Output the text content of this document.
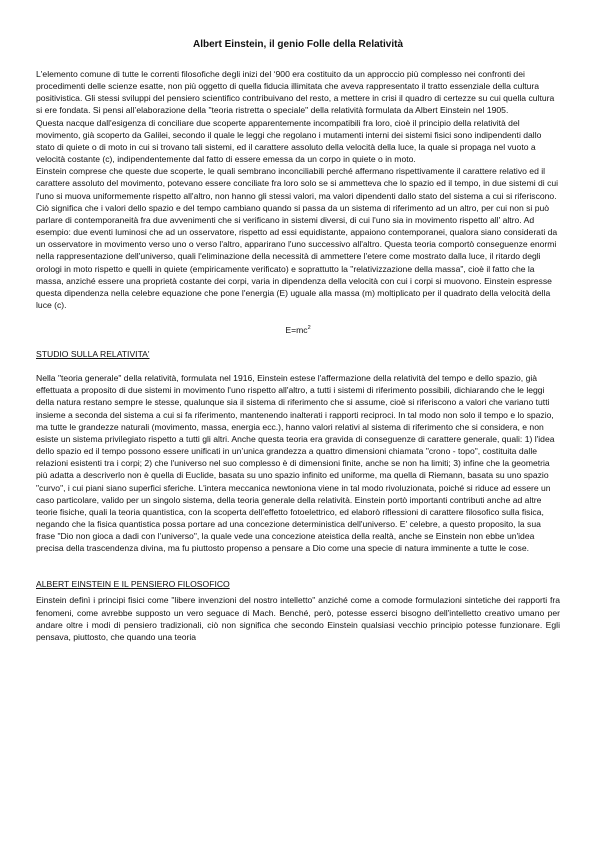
Albert Einstein, il genio Folle della Relatività

L'elemento comune di tutte le correnti filosofiche degli inizi del ‘900 era costituito da un approccio più complesso nei confronti dei procedimenti delle scienze esatte, non più oggetto di quella fiducia illimitata che aveva rappresentato il tratto essenziale della cultura positivistica. Gli stessi sviluppi del pensiero scientifico contribuivano del resto, a mettere in crisi il quadro di certezze su cui quella cultura si ere fondata. Si pensi all’elaborazione della "teoria ristretta o speciale" della relatività formulata da Albert Einstein nel 1905.

Questa nacque dall'esigenza di conciliare due scoperte apparentemente incompatibili fra loro, cioè il principio della relatività del movimento, già scoperto da Galilei, secondo il quale le leggi che regolano i mutamenti interni dei sistemi fisici sono indipendenti dallo stato di quiete o di moto in cui si trovano tali sistemi, ed il carattere assoluto della velocità della luce, la quale si propaga nel vuoto a velocità costante (c), indipendentemente dal fatto di essere emessa da un corpo in quiete o in moto.

Einstein comprese che queste due scoperte, le quali sembrano inconciliabili perché affermano rispettivamente il carattere relativo ed il carattere assoluto del movimento, potevano essere conciliate fra loro solo se si ammetteva che lo spazio ed il tempo, in due sistemi di cui l'uno si muova uniformemente rispetto all'altro, non hanno gli stessi valori, ma valori dipendenti dallo stato del sistema a cui si riferiscono. Ciò significa che i valori dello spazio e del tempo cambiano quando si passa da un sistema di riferimento ad un altro, per cui non si può parlare di contemporaneità fra due avvenimenti che si verificano in sistemi diversi, di cui l'uno sia in movimento rispetto all' altro. Ad esempio: due eventi luminosi che ad un osservatore, rispetto ad essi equidistante, appaiono contemporanei, qualora siano considerati da un osservatore in movimento verso uno o verso l'altro, apparirano l'uno successivo all'altro. Questa teoria comportò conseguenze enormi nella rappresentazione dell'universo, quali l'eliminazione della necessità di ammettere l'etere come mostrato dalla luce, il ritardo degli orologi in moto rispetto e quelli in quiete (empiricamente verificato) e soprattutto la "relativizzazione della massa", cioè il fatto che la massa, anziché essere una proprietà costante dei corpi, varia in dipendenza della velocità con cui i corpi si muovono. Einstein espresse questa dipendenza nella celebre equazione che pone l'energia (E) uguale alla massa (m) moltiplicato per il quadrato della velocità della luce (c).

$E=mc^2$
STUDIO SULLA RELATIVITA'

Nella "teoria generale" della relatività, formulata nel 1916, Einstein estese l'affermazione della relatività del tempo e dello spazio, già effettuata a proposito di due sistemi in movimento l'uno rispetto all'altro, a tutti i sistemi di riferimento possibili, dichiarando che le leggi della natura restano sempre le stesse, qualunque sia il sistema di riferimento che si assume, cioè si riferiscono a valori che variano tutti insieme a seconda del sistema a cui si fa riferimento, mantenendo inalterati i rapporti reciproci. In tal modo non solo il tempo e lo spazio, ma tutte le grandezze naturali (movimento, massa, energia ecc.), hanno valori relativi al sistema di riferimento che si considera, e non esiste un sistema privilegiato rispetto a tutti gli altri. Anche questa teoria era gravida di conseguenze di carattere generale, quali: 1) l'idea dello spazio ed il tempo possono essere unificati in un’unica grandezza a quattro dimensioni chiamata "crono - topo", costituita dalle relazioni esistenti tra i corpi; 2) che l'universo nel suo complesso è di dimensioni finite, anche se non ha limiti; 3) infine che la geometria più adatta a descriverlo non è quella di Euclide, basata su uno spazio infinito ed uniforme, ma quella di Riemann, basata su uno spazio "curvo", i cui piani siano superfici sferiche. L'intera meccanica newtoniona viene in tal modo rivoluzionata, poiché si riduce ad essere un caso particolare, valido per un singolo sistema, della teoria generale della relatività. Einstein portò importanti contributi anche ad altre teorie fisiche, quali la teoria quantistica, con la scoperta dell'effetto fotoelettrico, ed elaborò riflessioni di carattere filosofico sulla fisica, negando che la fisica quantistica possa portare ad una concezione deterministica dell'universo. E' celebre, a questo proposito, la sua frase "Dio non gioca a dadi con l’universo", la quale vede una concezione ateistica della realtà, anche se Einstein non ebbe un'idea precisa della trascendenza divina, ma fu piuttosto propenso a pensare a Dio come una specie di natura imminente a tutte le cose.

ALBERT EINSTEIN E IL PENSIERO FILOSOFICO

Einstein definì i principi fisici come "libere invenzioni del nostro intelletto" anziché come a comode formulazioni sintetiche dei rapporti fra fenomeni, come avrebbe supposto un vero seguace di Mach. Benché, però, potesse esserci bisogno dell'intelletto creativo umano per andare oltre i modi di pensiero tradizionali, ciò non significa che secondo Einstein qualsiasi vecchio principio potesse funzionare. Egli pensava, piuttosto, che quando una teoria
